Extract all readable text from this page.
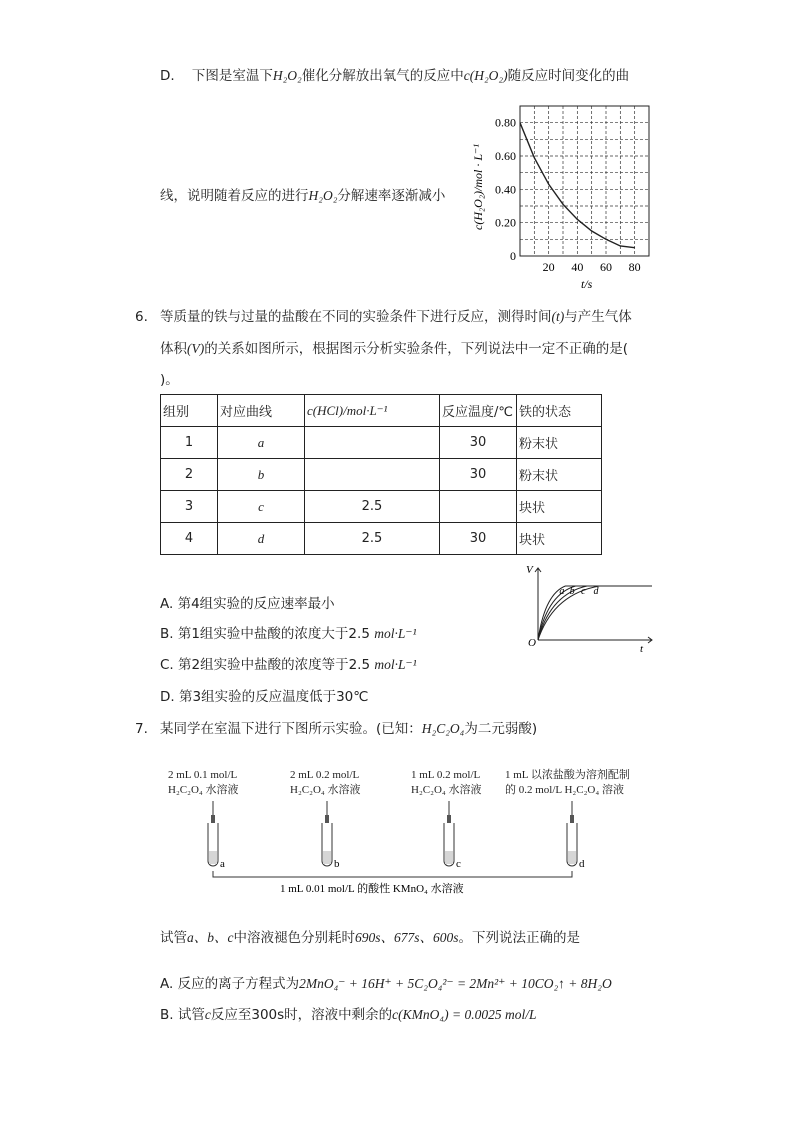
D. 下图是室温下H₂O₂催化分解放出氧气的反应中c(H₂O₂)随反应时间变化的曲
线，说明随着反应的进行H₂O₂分解速率逐渐减小
0
0.20
0.40
0.60
0.80
20 40 60 80
c(H₂O₂)/mol · L⁻¹
t/s
6. 等质量的铁与过量的盐酸在不同的实验条件下进行反应，测得时间(t)与产生气体
体积(V)的关系如图所示，根据图示分析实验条件，下列说法中一定不正确的是(
)。
组别	对应曲线	c(HCl)/mol·L⁻¹	反应温度/℃	铁的状态
1	a		30	粉末状
2	b		30	粉末状
3	c	2.5		块状
4	d	2.5	30	块状
A. 第4组实验的反应速率最小
B. 第1组实验中盐酸的浓度大于2.5 mol·L⁻¹
C. 第2组实验中盐酸的浓度等于2.5 mol·L⁻¹
D. 第3组实验的反应温度低于30℃
a b c d
V
t
O
7. 某同学在室温下进行下图所示实验。(已知：H₂C₂O₄为二元弱酸)
2 mL 0.1 mol/L
H₂C₂O₄ 水溶液
2 mL 0.2 mol/L
H₂C₂O₄ 水溶液
1 mL 0.2 mol/L
H₂C₂O₄ 水溶液
1 mL 以浓盐酸为溶剂配制
的 0.2 mol/L H₂C₂O₄ 溶液
a	b	c	d
1 mL 0.01 mol/L 的酸性 KMnO₄ 水溶液
试管a、b、c中溶液褪色分别耗时690s、677s、600s。下列说法正确的是
A. 反应的离子方程式为2MnO₄⁻ + 16H⁺ + 5C₂O₄²⁻ = 2Mn²⁺ + 10CO₂↑ + 8H₂O
B. 试管c反应至300s时，溶液中剩余的c(KMnO₄) = 0.0025 mol/L
